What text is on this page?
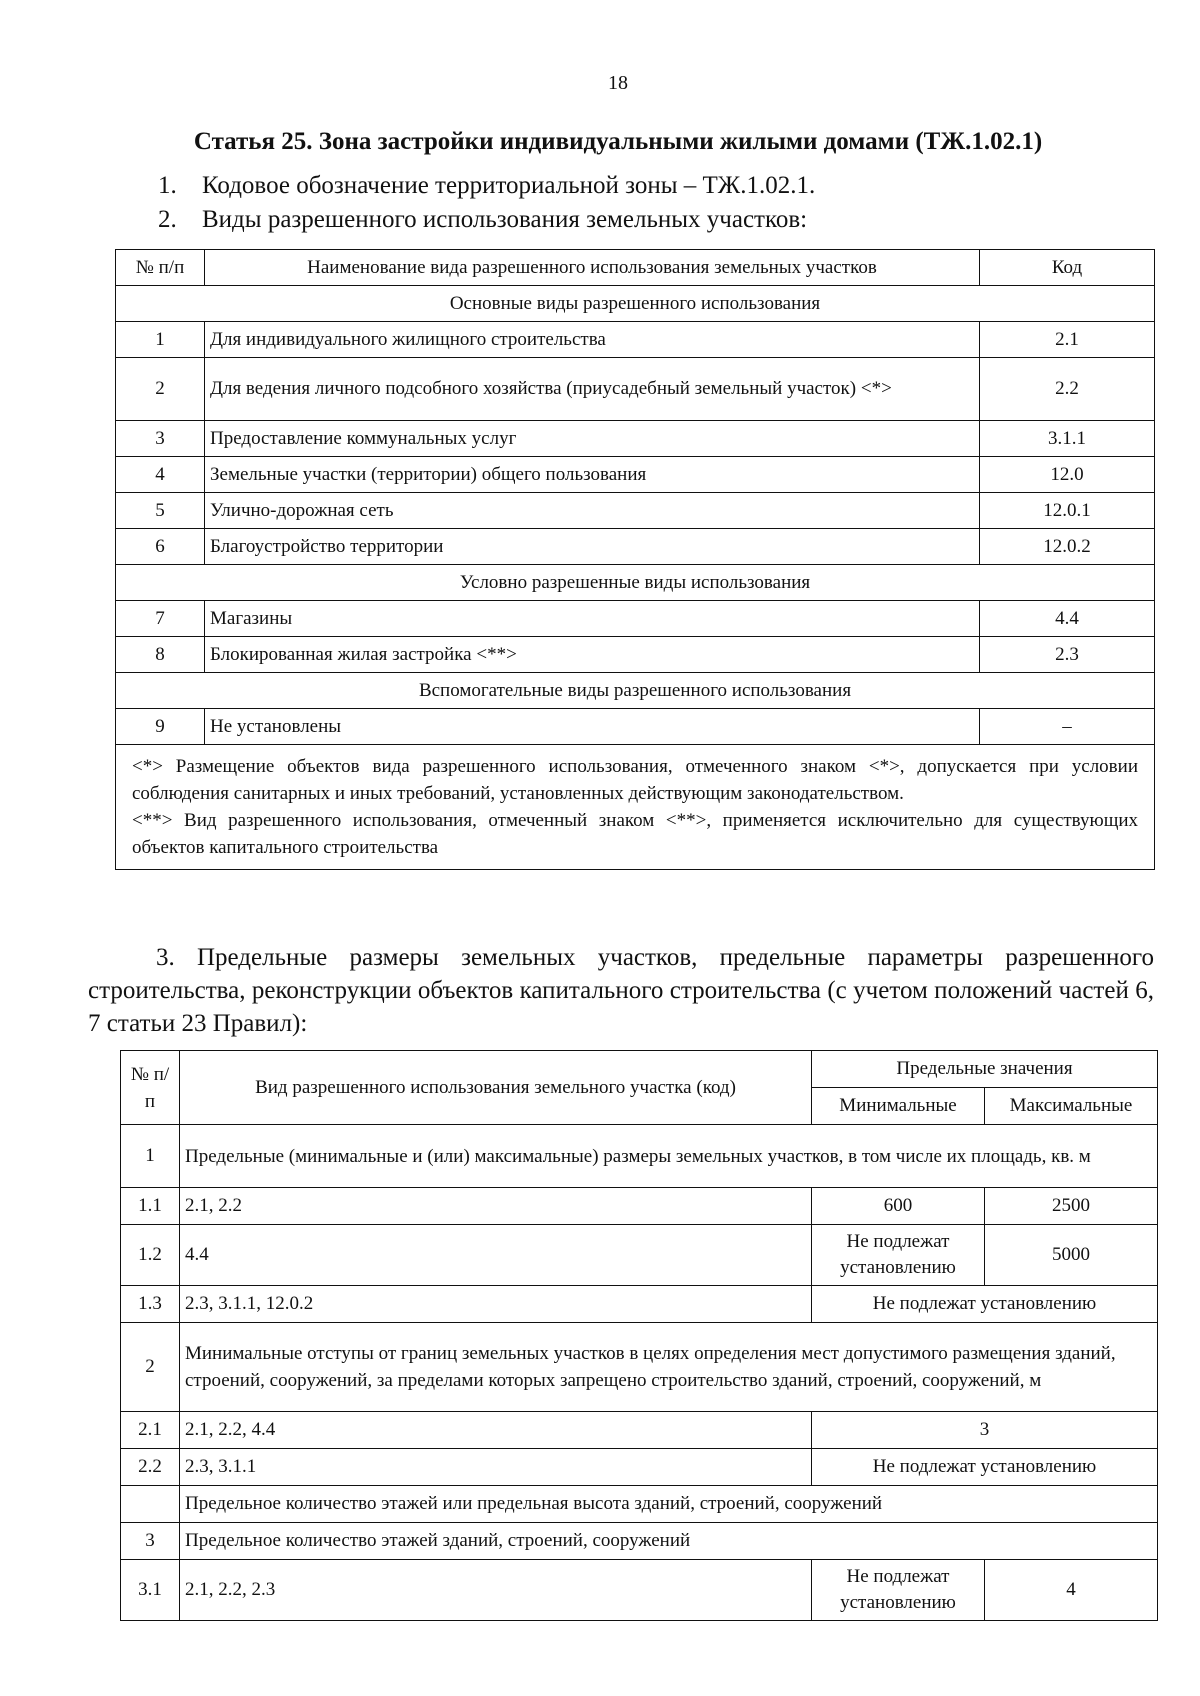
18
Статья 25. Зона застройки индивидуальными жилыми домами (ТЖ.1.02.1)
1. Кодовое обозначение территориальной зоны – ТЖ.1.02.1.
2. Виды разрешенного использования земельных участков:
№ п/п	Наименование вида разрешенного использования земельных участков	Код
Основные виды разрешенного использования		
1	Для индивидуального жилищного строительства	2.1
2	Для ведения личного подсобного хозяйства (приусадебный земельный участок) <*>	2.2
3	Предоставление коммунальных услуг	3.1.1
4	Земельные участки (территории) общего пользования	12.0
5	Улично-дорожная сеть	12.0.1
6	Благоустройство территории	12.0.2
Условно разрешенные виды использования		
7	Магазины	4.4
8	Блокированная жилая застройка <**>	2.3
Вспомогательные виды разрешенного использования		
9	Не установлены	–

<*> Размещение объектов вида разрешенного использования, отмеченного знаком <*>, допускается при условии соблюдения санитарных и иных требований, установленных действующим законодательством.

<**> Вид разрешенного использования, отмеченный знаком <**>, применяется исключительно для существующих объектов капитального строительства		

3. Предельные размеры земельных участков, предельные параметры разрешенного строительства, реконструкции объектов капитального строительства (с учетом положений частей 6, 7 статьи 23 Правил):
№ п/п	Вид разрешенного использования земельного участка (код)	Предельные значения	
		Минимальные	Максимальные
1	Предельные (минимальные и (или) максимальные) размеры земельных участков, в том числе их площадь, кв. м		
1.1	2.1, 2.2	600	2500
1.2	4.4	Не подлежат установлению	5000
1.3	2.3, 3.1.1, 12.0.2	Не подлежат установлению	
2	Минимальные отступы от границ земельных участков в целях определения мест допустимого размещения зданий, строений, сооружений, за пределами которых запрещено строительство зданий, строений, сооружений, м		
2.1	2.1, 2.2, 4.4	3	
2.2	2.3, 3.1.1	Не подлежат установлению	
	Предельное количество этажей или предельная высота зданий, строений, сооружений		
3	Предельное количество этажей зданий, строений, сооружений		
3.1	2.1, 2.2, 2.3	Не подлежат установлению	4
